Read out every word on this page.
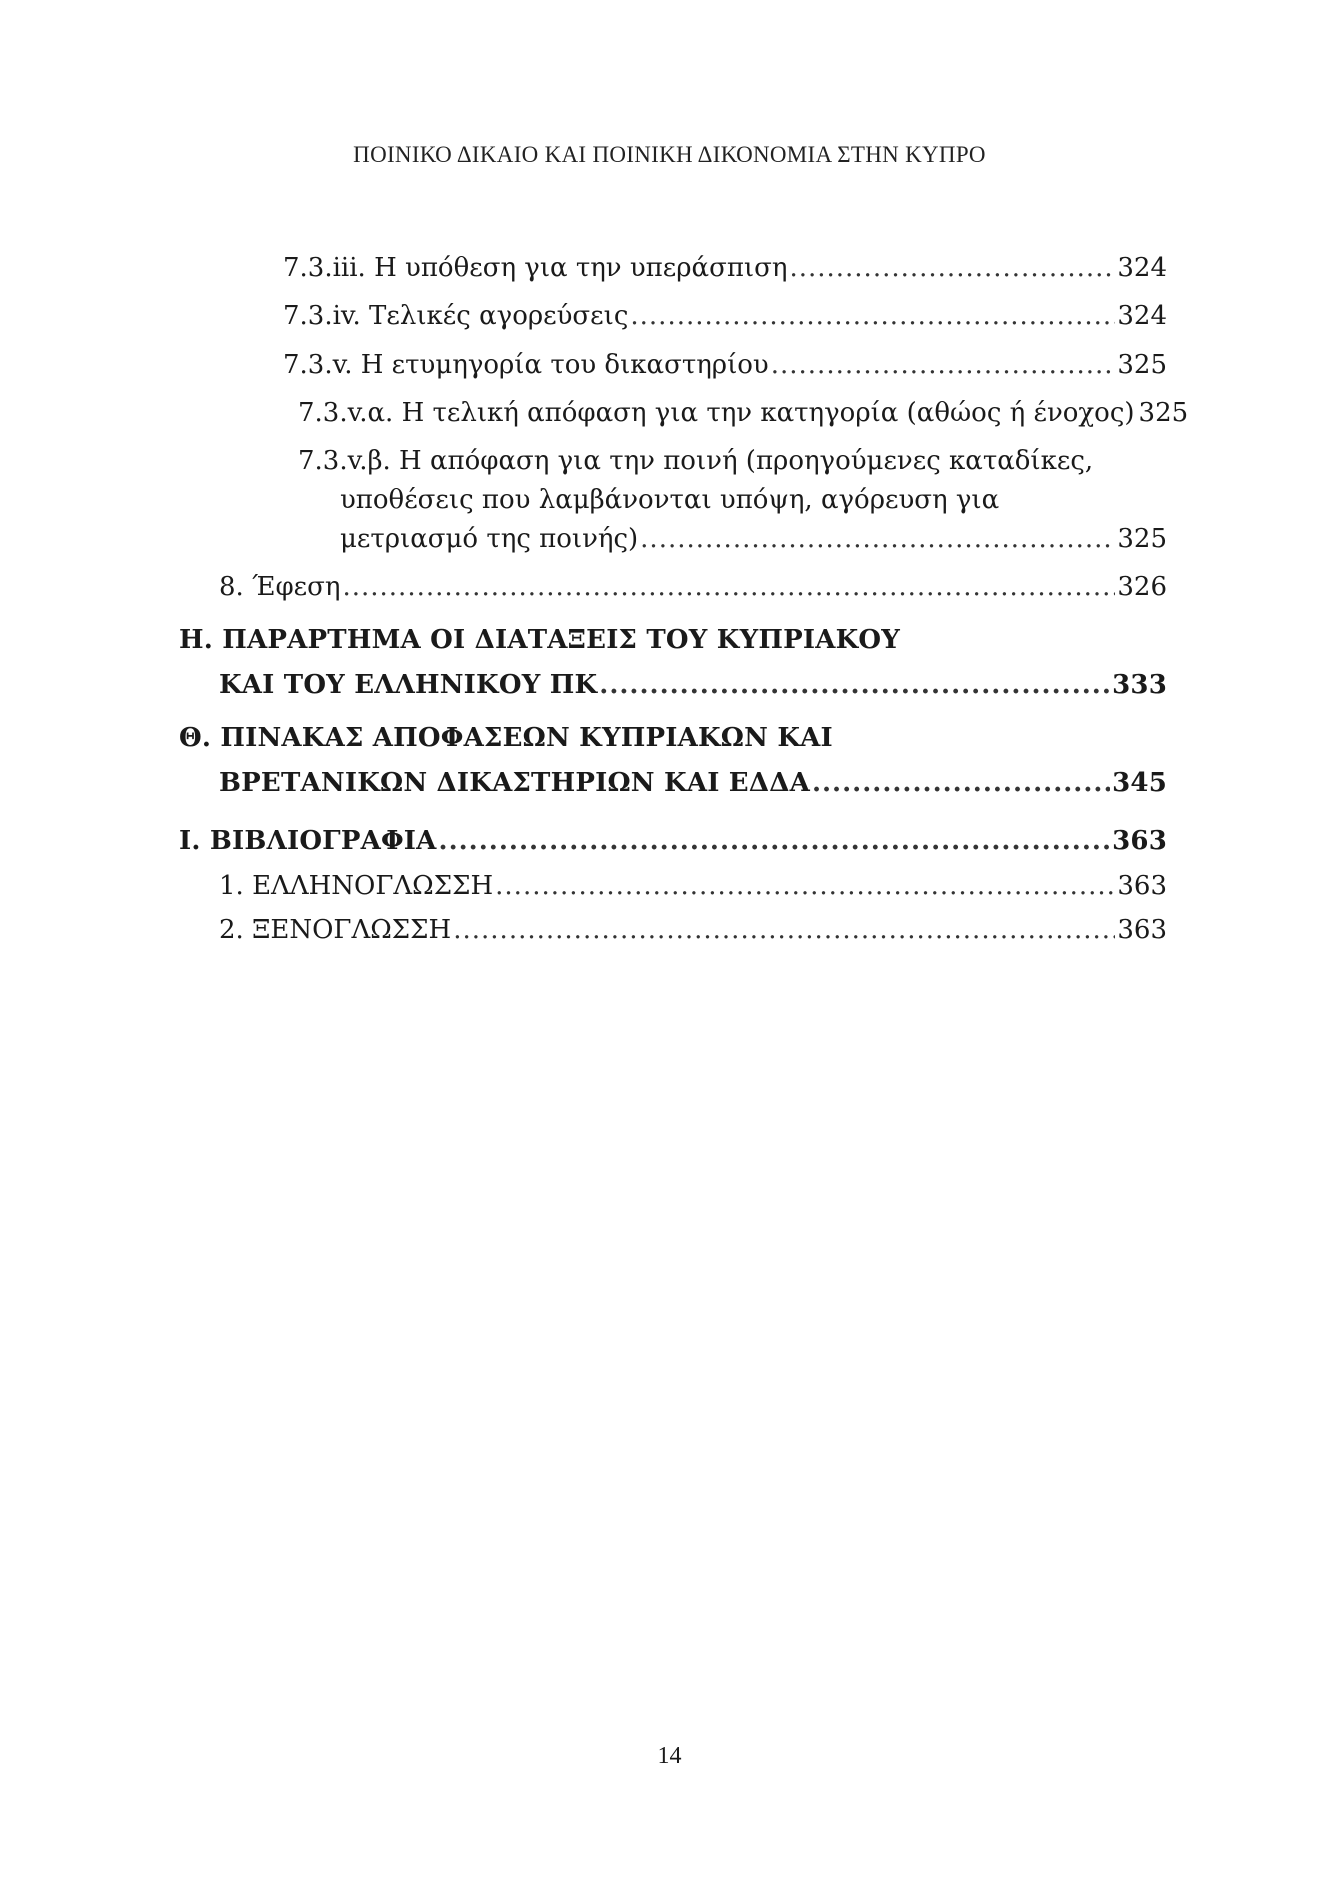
ΠΟΙΝΙΚΟ ΔΙΚΑΙΟ ΚΑΙ ΠΟΙΝΙΚΗ ΔΙΚΟΝΟΜΙΑ ΣΤΗΝ ΚΥΠΡΟ
7.3.iii. Η υπόθεση για την υπεράσπιση .....	324
7.3.iv. Τελικές αγορεύσεις .....	324
7.3.v. Η ετυμηγορία του δικαστηρίου .....	325
7.3.v.α. Η τελική απόφαση για την κατηγορία (αθώος ή ένοχος) 325
7.3.v.β. Η απόφαση για την ποινή (προηγούμενες καταδίκες,
υποθέσεις που λαμβάνονται υπόψη, αγόρευση για
μετριασμό της ποινής) .....	325
8. Έφεση .....	326
Η. ΠΑΡΑΡΤΗΜΑ ΟΙ ΔΙΑΤΑΞΕΙΣ ΤΟΥ ΚΥΠΡΙΑΚΟΥ
ΚΑΙ ΤΟΥ ΕΛΛΗΝΙΚΟΥ ΠΚ .....	333
Θ. ΠΙΝΑΚΑΣ ΑΠΟΦΑΣΕΩΝ ΚΥΠΡΙΑΚΩΝ ΚΑΙ
ΒΡΕΤΑΝΙΚΩΝ ΔΙΚΑΣΤΗΡΙΩΝ ΚΑΙ ΕΔΔΑ .....	345
Ι. ΒΙΒΛΙΟΓΡΑΦΙΑ .....	363
1. ΕΛΛΗΝΟΓΛΩΣΣΗ .....	363
2. ΞΕΝΟΓΛΩΣΣΗ .....	363
14
